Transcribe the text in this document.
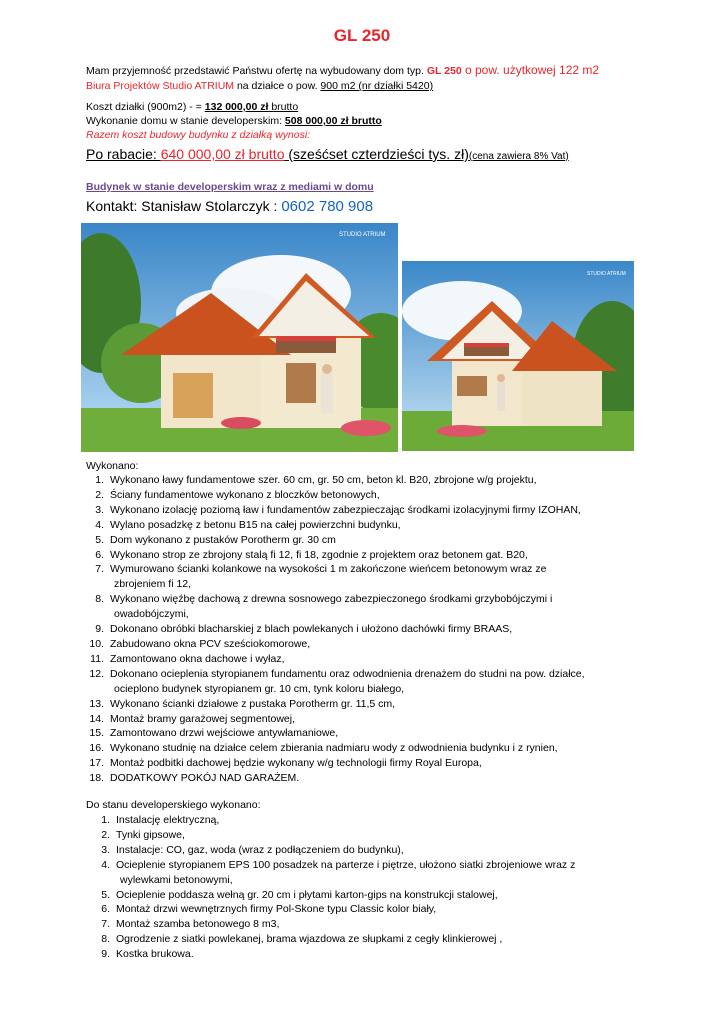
GL 250
Mam przyjemność przedstawić Państwu ofertę na wybudowany dom typ. GL 250 o pow. użytkowej 122 m2
Biura Projektów Studio ATRIUM na działce o pow. 900 m2 (nr działki 5420)
Koszt działki (900m2) - = 132 000,00 zł brutto
Wykonanie domu w stanie developerskim: 508 000,00 zł brutto
Razem koszt budowy budynku z działką wynosi:
Po rabacie: 640 000,00 zł brutto (sześćset czterdzieści tys. zł)(cena zawiera 8% Vat)
Budynek w stanie developerskim wraz z mediami w domu
Kontakt: Stanisław Stolarczyk : 0602 780 908
STUDIO ATRIUM
STUDIO ATRIUM
Wykonano:
1. Wykonano ławy fundamentowe szer. 60 cm, gr. 50 cm, beton kl. B20, zbrojone w/g projektu,
2. Ściany fundamentowe wykonano z bloczków betonowych,
3. Wykonano izolację poziomą ław i fundamentów zabezpieczając środkami izolacyjnymi firmy IZOHAN,
4. Wylano posadzkę z betonu B15 na całej powierzchni budynku,
5. Dom wykonano z pustaków Porotherm gr. 30 cm
6. Wykonano strop ze zbrojony stalą fi 12, fi 18, zgodnie z projektem oraz betonem gat. B20,
7. Wymurowano ścianki kolankowe na wysokości 1 m zakończone wieńcem betonowym wraz ze
zbrojeniem fi 12,
8. Wykonano więźbę dachową z drewna sosnowego zabezpieczonego środkami grzybobójczymi i
owadobójczymi,
9. Dokonano obróbki blacharskiej z blach powlekanych i ułożono dachówki firmy BRAAS,
10. Zabudowano okna PCV sześciokomorowe,
11. Zamontowano okna dachowe i wyłaz,
12. Dokonano ocieplenia styropianem fundamentu oraz odwodnienia drenażem do studni na pow. działce,
ocieplono budynek styropianem gr. 10 cm, tynk koloru białego,
13. Wykonano ścianki działowe z pustaka Porotherm gr. 11,5 cm,
14. Montaż bramy garażowej segmentowej,
15. Zamontowano drzwi wejściowe antywłamaniowe,
16. Wykonano studnię na działce celem zbierania nadmiaru wody z odwodnienia budynku i z rynien,
17. Montaż podbitki dachowej będzie wykonany w/g technologii firmy Royal Europa,
18. DODATKOWY POKÓJ NAD GARAŻEM.
Do stanu developerskiego wykonano:
1. Instalację elektryczną,
2. Tynki gipsowe,
3. Instalacje: CO, gaz, woda (wraz z podłączeniem do budynku),
4. Ocieplenie styropianem EPS 100 posadzek na parterze i piętrze, ułożono siatki zbrojeniowe wraz z
wylewkami betonowymi,
5. Ocieplenie poddasza wełną gr. 20 cm i płytami karton-gips na konstrukcji stalowej,
6. Montaż drzwi wewnętrznych firmy Pol-Skone typu Classic kolor biały,
7. Montaż szamba betonowego 8 m3,
8. Ogrodzenie z siatki powlekanej, brama wjazdowa ze słupkami z cegły klinkierowej ,
9. Kostka brukowa.
